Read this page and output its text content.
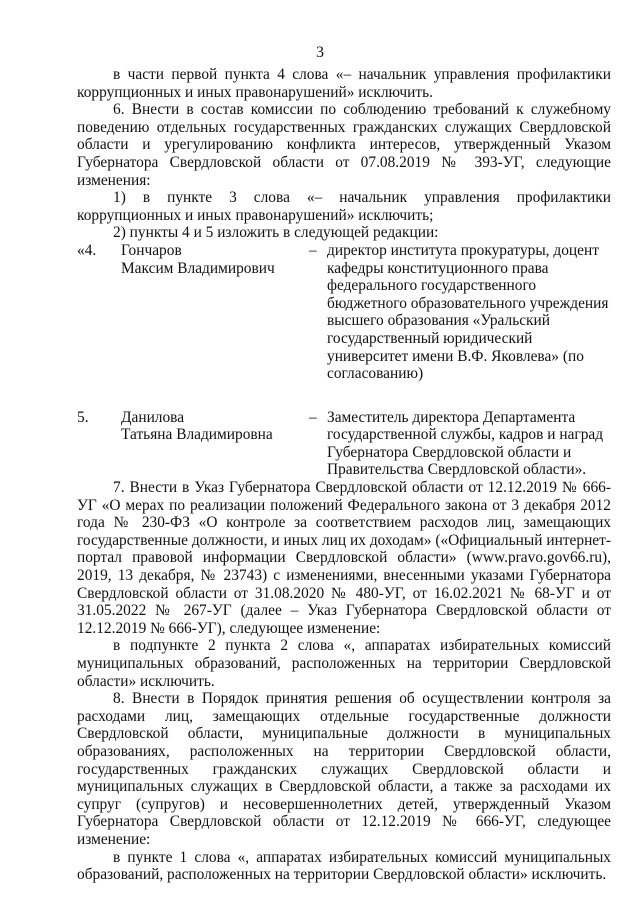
3

в части первой пункта 4 слова «– начальник управления профилактики коррупционных и иных правонарушений» исключить.

6. Внести в состав комиссии по соблюдению требований к служебному поведению отдельных государственных гражданских служащих Свердловской области и урегулированию конфликта интересов, утвержденный Указом Губернатора Свердловской области от 07.08.2019 № 393-УГ, следующие изменения:

1) в пункте 3 слова «– начальник управления профилактики коррупционных и иных правонарушений» исключить;

2) пункты 4 и 5 изложить в следующей редакции:

«4.	Гончаров
Максим Владимирович
– директор института прокуратуры, доцент кафедры конституционного права федерального государственного бюджетного образовательного учреждения высшего образования «Уральский государственный юридический университет имени В.Ф. Яковлева» (по согласованию)
5.	Данилова
Татьяна Владимировна
– Заместитель директора Департамента государственной службы, кадров и наград Губернатора Свердловской области и Правительства Свердловской области».

7. Внести в Указ Губернатора Свердловской области от 12.12.2019 № 666-УГ «О мерах по реализации положений Федерального закона от 3 декабря 2012 года № 230-ФЗ «О контроле за соответствием расходов лиц, замещающих государственные должности, и иных лиц их доходам» («Официальный интернет-портал правовой информации Свердловской области» (www.pravo.gov66.ru), 2019, 13 декабря, № 23743) с изменениями, внесенными указами Губернатора Свердловской области от 31.08.2020 № 480-УГ, от 16.02.2021 № 68-УГ и от 31.05.2022 № 267-УГ (далее – Указ Губернатора Свердловской области от 12.12.2019 № 666-УГ), следующее изменение:

в подпункте 2 пункта 2 слова «, аппаратах избирательных комиссий муниципальных образований, расположенных на территории Свердловской области» исключить.

8. Внести в Порядок принятия решения об осуществлении контроля за расходами лиц, замещающих отдельные государственные должности Свердловской области, муниципальные должности в муниципальных образованиях, расположенных на территории Свердловской области, государственных гражданских служащих Свердловской области и муниципальных служащих в Свердловской области, а также за расходами их супруг (супругов) и несовершеннолетних детей, утвержденный Указом Губернатора Свердловской области от 12.12.2019 № 666-УГ, следующее изменение:

в пункте 1 слова «, аппаратах избирательных комиссий муниципальных образований, расположенных на территории Свердловской области» исключить.
